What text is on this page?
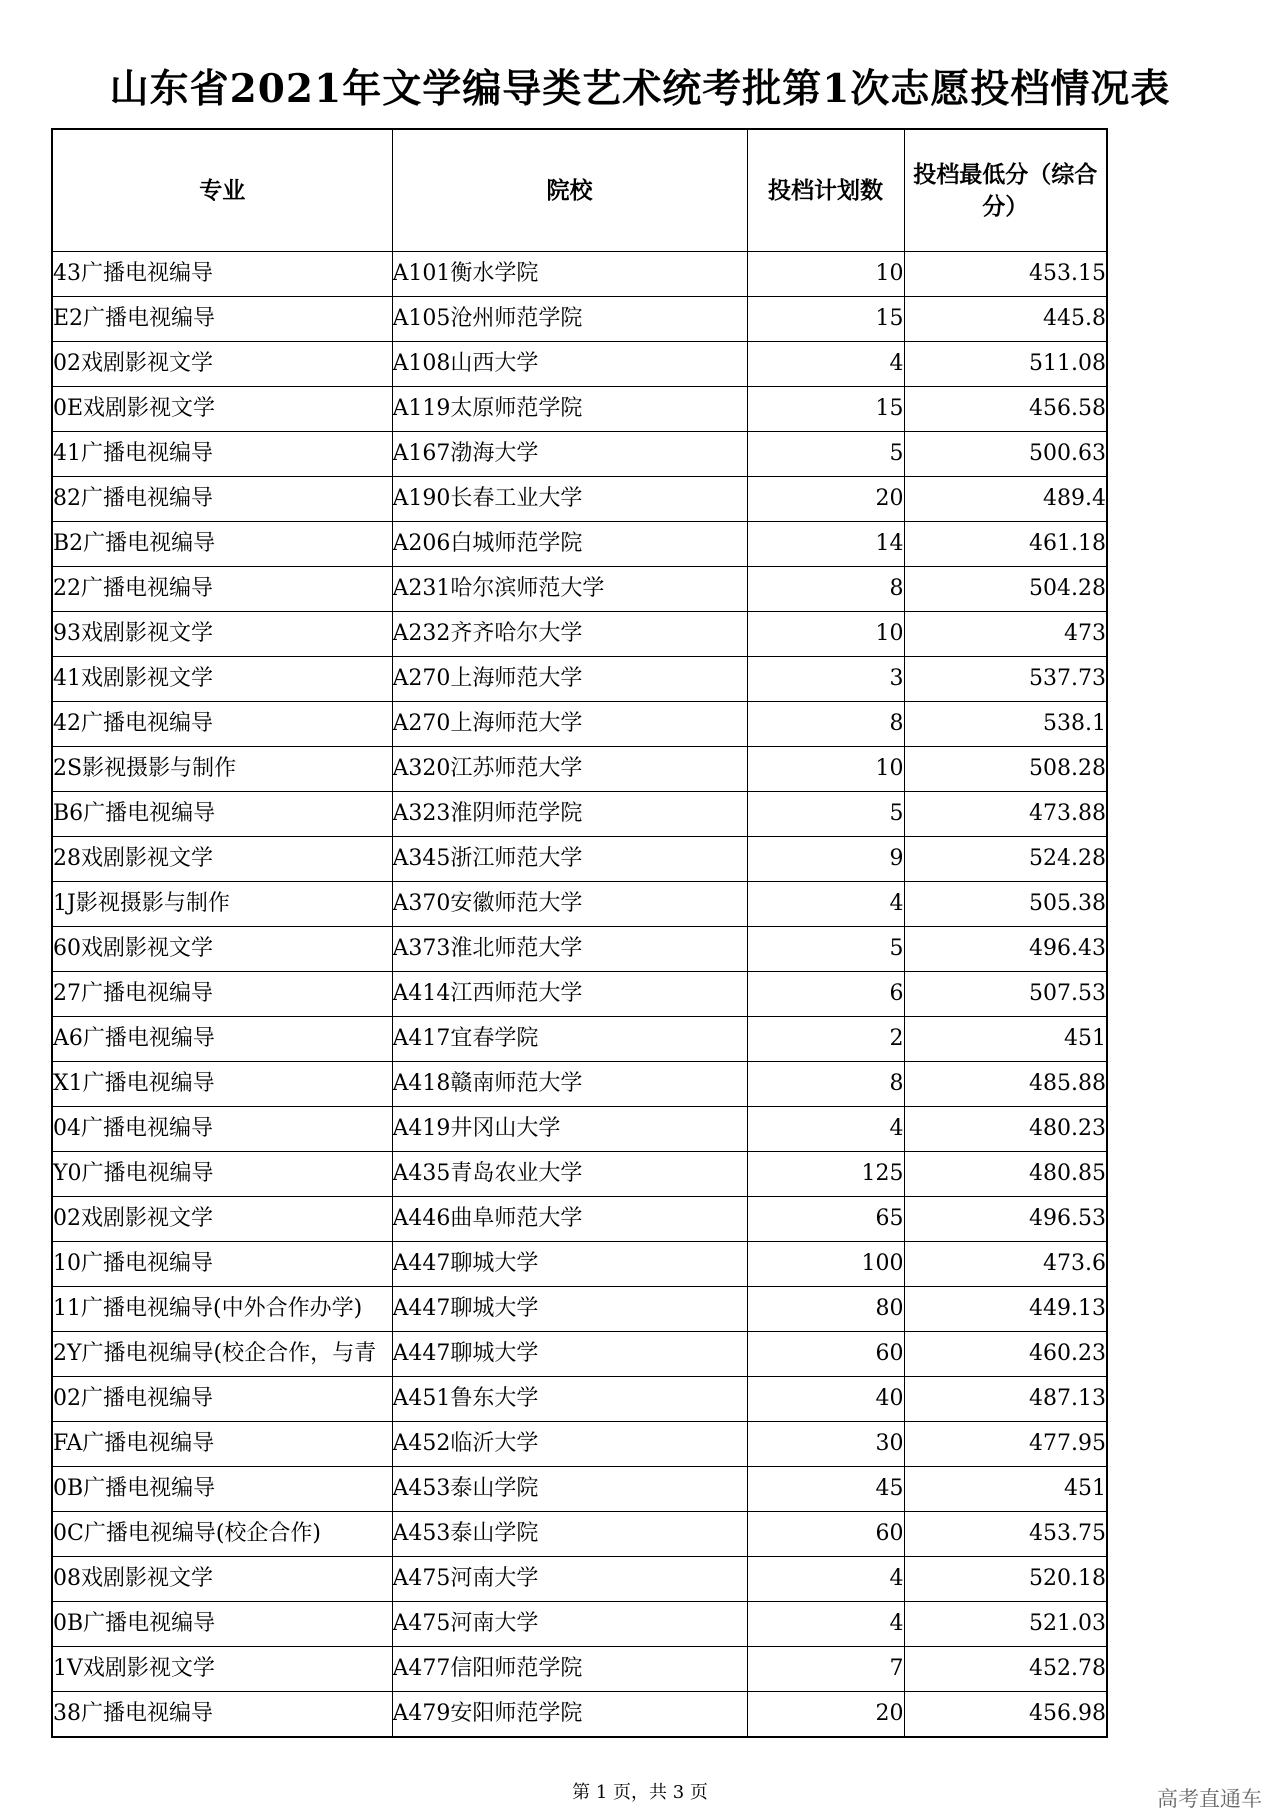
山东省2021年文学编导类艺术统考批第1次志愿投档情况表
专业	院校	投档计划数	投档最低分（综合分）
43广播电视编导	A101衡水学院	10	453.15
E2广播电视编导	A105沧州师范学院	15	445.8
02戏剧影视文学	A108山西大学	4	511.08
0E戏剧影视文学	A119太原师范学院	15	456.58
41广播电视编导	A167渤海大学	5	500.63
82广播电视编导	A190长春工业大学	20	489.4
B2广播电视编导	A206白城师范学院	14	461.18
22广播电视编导	A231哈尔滨师范大学	8	504.28
93戏剧影视文学	A232齐齐哈尔大学	10	473
41戏剧影视文学	A270上海师范大学	3	537.73
42广播电视编导	A270上海师范大学	8	538.1
2S影视摄影与制作	A320江苏师范大学	10	508.28
B6广播电视编导	A323淮阴师范学院	5	473.88
28戏剧影视文学	A345浙江师范大学	9	524.28
1J影视摄影与制作	A370安徽师范大学	4	505.38
60戏剧影视文学	A373淮北师范大学	5	496.43
27广播电视编导	A414江西师范大学	6	507.53
A6广播电视编导	A417宜春学院	2	451
X1广播电视编导	A418赣南师范大学	8	485.88
04广播电视编导	A419井冈山大学	4	480.23
Y0广播电视编导	A435青岛农业大学	125	480.85
02戏剧影视文学	A446曲阜师范大学	65	496.53
10广播电视编导	A447聊城大学	100	473.6
11广播电视编导(中外合作办学)	A447聊城大学	80	449.13
2Y广播电视编导(校企合作，与青	A447聊城大学	60	460.23
02广播电视编导	A451鲁东大学	40	487.13
FA广播电视编导	A452临沂大学	30	477.95
0B广播电视编导	A453泰山学院	45	451
0C广播电视编导(校企合作)	A453泰山学院	60	453.75
08戏剧影视文学	A475河南大学	4	520.18
0B广播电视编导	A475河南大学	4	521.03
1V戏剧影视文学	A477信阳师范学院	7	452.78
38广播电视编导	A479安阳师范学院	20	456.98
第 1 页，共 3 页	高考直通车
